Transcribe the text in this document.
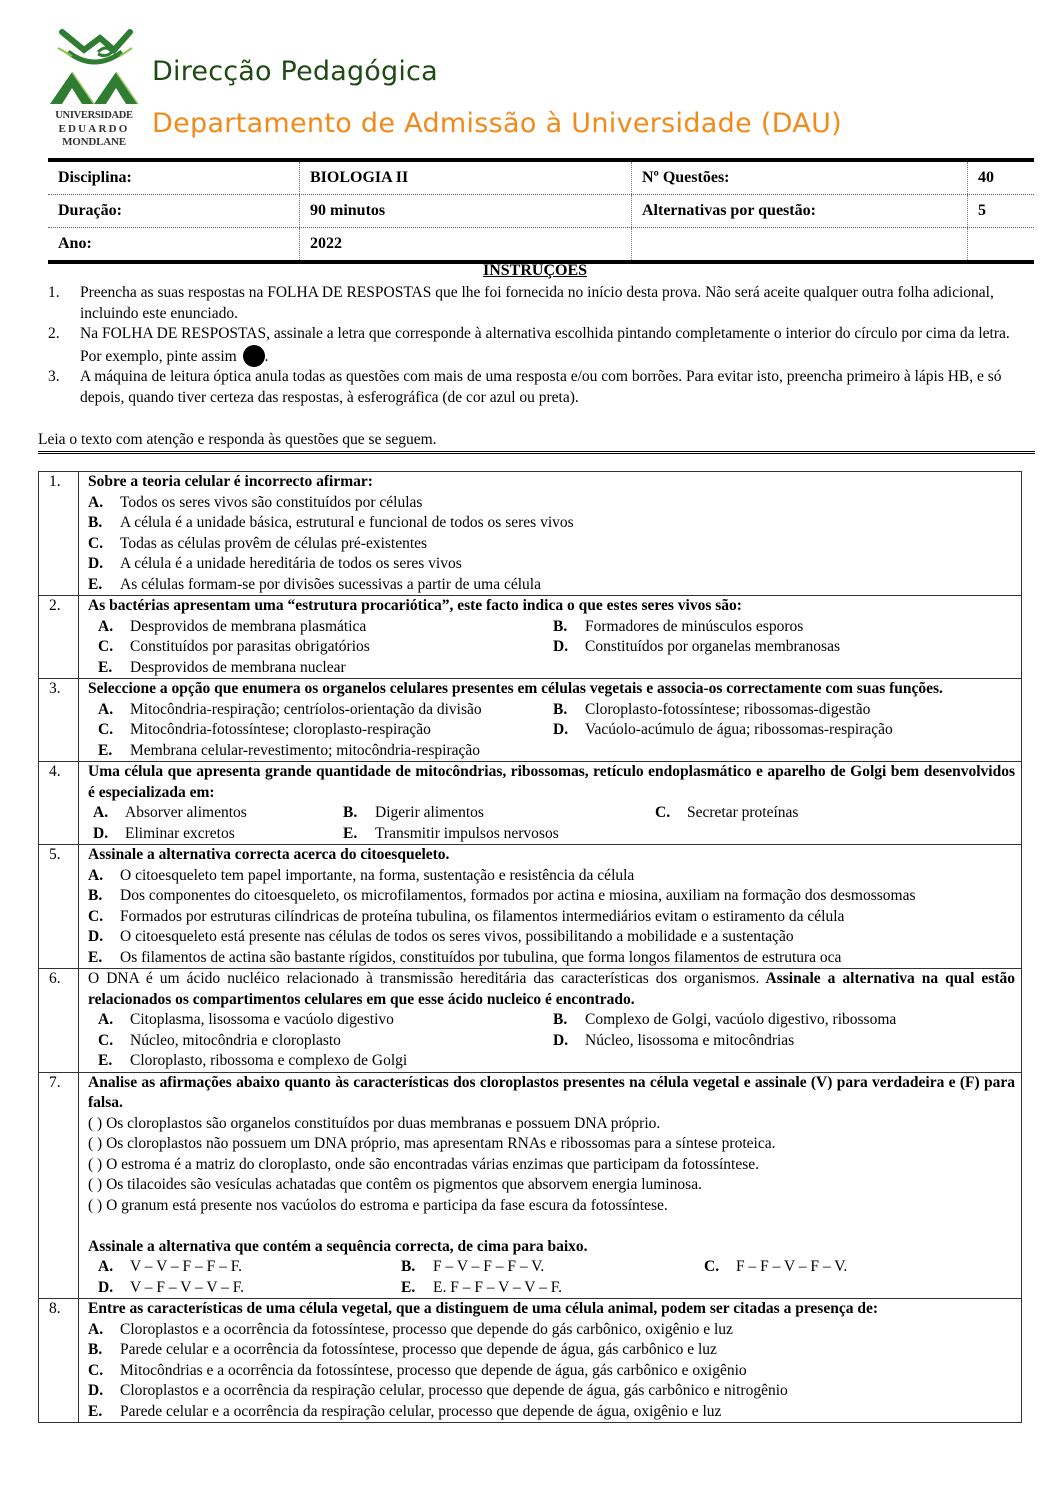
UNIVERSIDADE
EDUARDO
MONDLANE
Direcção Pedagógica
Departamento de Admissão à Universidade (DAU)
Disciplina:	BIOLOGIA II	Nº Questões:	40
Duração:	90 minutos	Alternativas por questão:	5
Ano:	2022
INSTRUÇÕES
1.	Preencha as suas respostas na FOLHA DE RESPOSTAS que lhe foi fornecida no início desta prova. Não será aceite qualquer outra folha adicional, incluindo este enunciado.
2.	Na FOLHA DE RESPOSTAS, assinale a letra que corresponde à alternativa escolhida pintando completamente o interior do círculo por cima da letra. Por exemplo, pinte assim .
3.	A máquina de leitura óptica anula todas as questões com mais de uma resposta e/ou com borrões. Para evitar isto, preencha primeiro à lápis HB, e só depois, quando tiver certeza das respostas, à esferográfica (de cor azul ou preta).
Leia o texto com atenção e responda às questões que se seguem.
1.	Sobre a teoria celular é incorrecto afirmar:
A.	Todos os seres vivos são constituídos por células
B.	A célula é a unidade básica, estrutural e funcional de todos os seres vivos
C.	Todas as células provêm de células pré-existentes
D.	A célula é a unidade hereditária de todos os seres vivos
E.	As células formam-se por divisões sucessivas a partir de uma célula
2.	As bactérias apresentam uma “estrutura procariótica”, este facto indica o que estes seres vivos são:
A.	Desprovidos de membrana plasmática	B.	Formadores de minúsculos esporos
C.	Constituídos por parasitas obrigatórios	D.	Constituídos por organelas membranosas
E.	Desprovidos de membrana nuclear
3.	Seleccione a opção que enumera os organelos celulares presentes em células vegetais e associa-os correctamente com suas funções.
A.	Mitocôndria-respiração; centríolos-orientação da divisão	B.	Cloroplasto-fotossíntese; ribossomas-digestão
C.	Mitocôndria-fotossíntese; cloroplasto-respiração	D.	Vacúolo-acúmulo de água; ribossomas-respiração
E.	Membrana celular-revestimento; mitocôndria-respiração
4.	Uma célula que apresenta grande quantidade de mitocôndrias, ribossomas, retículo endoplasmático e aparelho de Golgi bem desenvolvidos é especializada em:
A.	Absorver alimentos	B.	Digerir alimentos	C.	Secretar proteínas
D.	Eliminar excretos	E.	Transmitir impulsos nervosos
5.	Assinale a alternativa correcta acerca do citoesqueleto.
A.	O citoesqueleto tem papel importante, na forma, sustentação e resistência da célula
B.	Dos componentes do citoesqueleto, os microfilamentos, formados por actina e miosina, auxiliam na formação dos desmossomas
C.	Formados por estruturas cilíndricas de proteína tubulina, os filamentos intermediários evitam o estiramento da célula
D.	O citoesqueleto está presente nas células de todos os seres vivos, possibilitando a mobilidade e a sustentação
E.	Os filamentos de actina são bastante rígidos, constituídos por tubulina, que forma longos filamentos de estrutura oca
6.	O DNA é um ácido nucléico relacionado à transmissão hereditária das características dos organismos. Assinale a alternativa na qual estão relacionados os compartimentos celulares em que esse ácido nucleico é encontrado.
A.	Citoplasma, lisossoma e vacúolo digestivo	B.	Complexo de Golgi, vacúolo digestivo, ribossoma
C.	Núcleo, mitocôndria e cloroplasto	D.	Núcleo, lisossoma e mitocôndrias
E.	Cloroplasto, ribossoma e complexo de Golgi
7.	Analise as afirmações abaixo quanto às características dos cloroplastos presentes na célula vegetal e assinale (V) para verdadeira e (F) para falsa.
( ) Os cloroplastos são organelos constituídos por duas membranas e possuem DNA próprio.
( ) Os cloroplastos não possuem um DNA próprio, mas apresentam RNAs e ribossomas para a síntese proteica.
( ) O estroma é a matriz do cloroplasto, onde são encontradas várias enzimas que participam da fotossíntese.
( ) Os tilacoides são vesículas achatadas que contêm os pigmentos que absorvem energia luminosa.
( ) O granum está presente nos vacúolos do estroma e participa da fase escura da fotossíntese.
Assinale a alternativa que contém a sequência correcta, de cima para baixo.
A.	V – V – F – F – F.	B.	F – V – F – F – V.	C.	F – F – V – F – V.
D.	V – F – V – V – F.	E.	E. F – F – V – V – F.
8.	Entre as características de uma célula vegetal, que a distinguem de uma célula animal, podem ser citadas a presença de:
A.	Cloroplastos e a ocorrência da fotossíntese, processo que depende do gás carbônico, oxigênio e luz
B.	Parede celular e a ocorrência da fotossíntese, processo que depende de água, gás carbônico e luz
C.	Mitocôndrias e a ocorrência da fotossíntese, processo que depende de água, gás carbônico e oxigênio
D.	Cloroplastos e a ocorrência da respiração celular, processo que depende de água, gás carbônico e nitrogênio
E.	Parede celular e a ocorrência da respiração celular, processo que depende de água, oxigênio e luz
